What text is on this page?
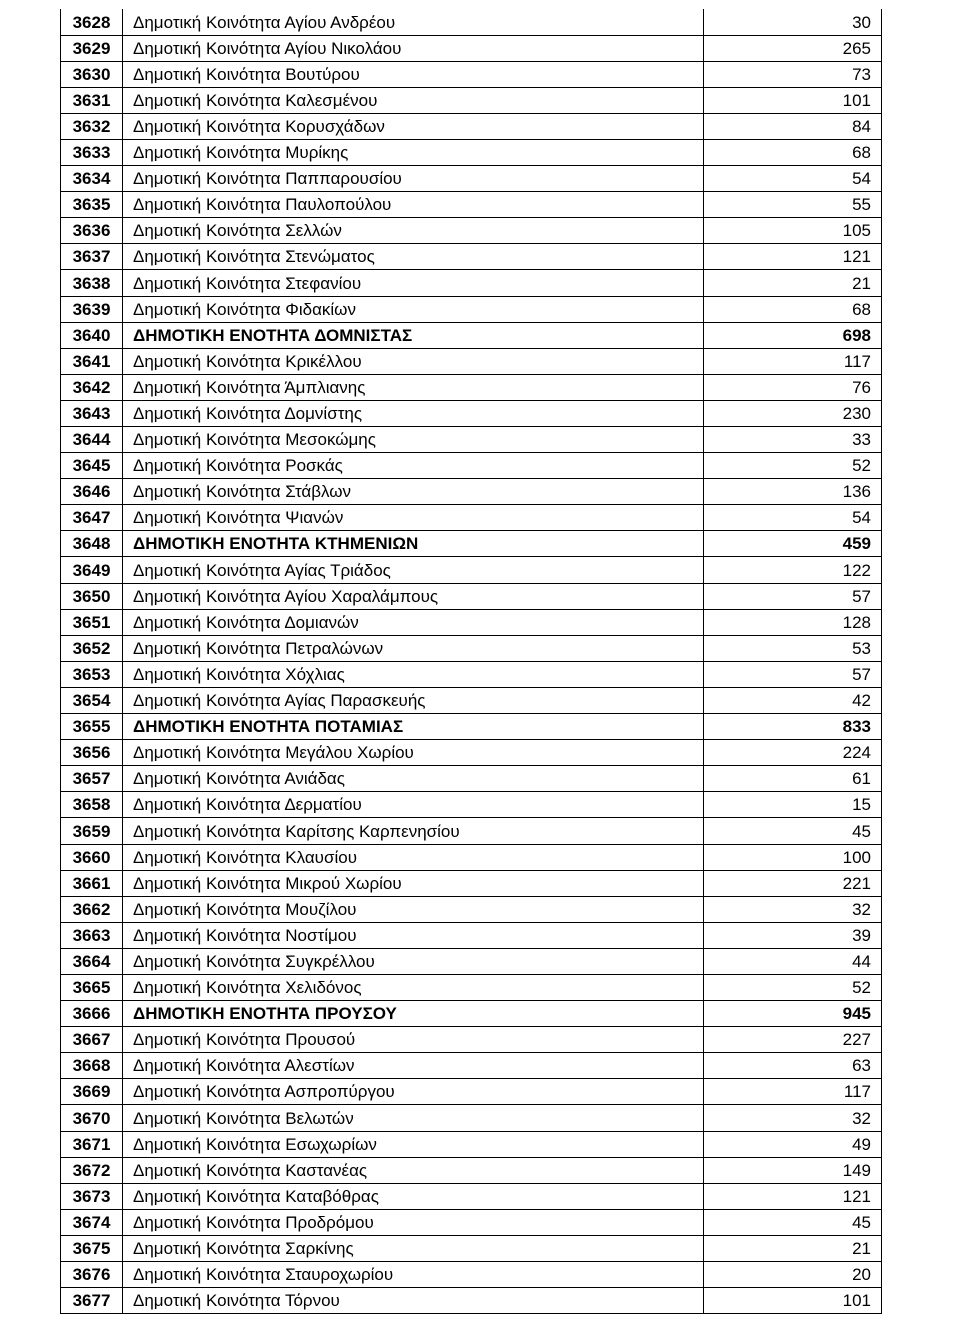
3628	Δημοτική Κοινότητα Αγίου Ανδρέου	30
3629	Δημοτική Κοινότητα Αγίου Νικολάου	265
3630	Δημοτική Κοινότητα Βουτύρου	73
3631	Δημοτική Κοινότητα Καλεσμένου	101
3632	Δημοτική Κοινότητα Κορυσχάδων	84
3633	Δημοτική Κοινότητα Μυρίκης	68
3634	Δημοτική Κοινότητα Παππαρουσίου	54
3635	Δημοτική Κοινότητα Παυλοπούλου	55
3636	Δημοτική Κοινότητα Σελλών	105
3637	Δημοτική Κοινότητα Στενώματος	121
3638	Δημοτική Κοινότητα Στεφανίου	21
3639	Δημοτική Κοινότητα Φιδακίων	68
3640	ΔΗΜΟΤΙΚΗ ΕΝΟΤΗΤΑ ΔΟΜΝΙΣΤΑΣ	698
3641	Δημοτική Κοινότητα Κρικέλλου	117
3642	Δημοτική Κοινότητα Άμπλιανης	76
3643	Δημοτική Κοινότητα Δομνίστης	230
3644	Δημοτική Κοινότητα Μεσοκώμης	33
3645	Δημοτική Κοινότητα Ροσκάς	52
3646	Δημοτική Κοινότητα Στάβλων	136
3647	Δημοτική Κοινότητα Ψιανών	54
3648	ΔΗΜΟΤΙΚΗ ΕΝΟΤΗΤΑ ΚΤΗΜΕΝΙΩΝ	459
3649	Δημοτική Κοινότητα Αγίας Τριάδος	122
3650	Δημοτική Κοινότητα Αγίου Χαραλάμπους	57
3651	Δημοτική Κοινότητα Δομιανών	128
3652	Δημοτική Κοινότητα Πετραλώνων	53
3653	Δημοτική Κοινότητα Χόχλιας	57
3654	Δημοτική Κοινότητα Αγίας Παρασκευής	42
3655	ΔΗΜΟΤΙΚΗ ΕΝΟΤΗΤΑ ΠΟΤΑΜΙΑΣ	833
3656	Δημοτική Κοινότητα Μεγάλου Χωρίου	224
3657	Δημοτική Κοινότητα Ανιάδας	61
3658	Δημοτική Κοινότητα Δερματίου	15
3659	Δημοτική Κοινότητα Καρίτσης Καρπενησίου	45
3660	Δημοτική Κοινότητα Κλαυσίου	100
3661	Δημοτική Κοινότητα Μικρού Χωρίου	221
3662	Δημοτική Κοινότητα Μουζίλου	32
3663	Δημοτική Κοινότητα Νοστίμου	39
3664	Δημοτική Κοινότητα Συγκρέλλου	44
3665	Δημοτική Κοινότητα Χελιδόνος	52
3666	ΔΗΜΟΤΙΚΗ ΕΝΟΤΗΤΑ ΠΡΟΥΣΟΥ	945
3667	Δημοτική Κοινότητα Προυσού	227
3668	Δημοτική Κοινότητα Αλεστίων	63
3669	Δημοτική Κοινότητα Ασπροπύργου	117
3670	Δημοτική Κοινότητα Βελωτών	32
3671	Δημοτική Κοινότητα Εσωχωρίων	49
3672	Δημοτική Κοινότητα Καστανέας	149
3673	Δημοτική Κοινότητα Καταβόθρας	121
3674	Δημοτική Κοινότητα Προδρόμου	45
3675	Δημοτική Κοινότητα Σαρκίνης	21
3676	Δημοτική Κοινότητα Σταυροχωρίου	20
3677	Δημοτική Κοινότητα Τόρνου	101
